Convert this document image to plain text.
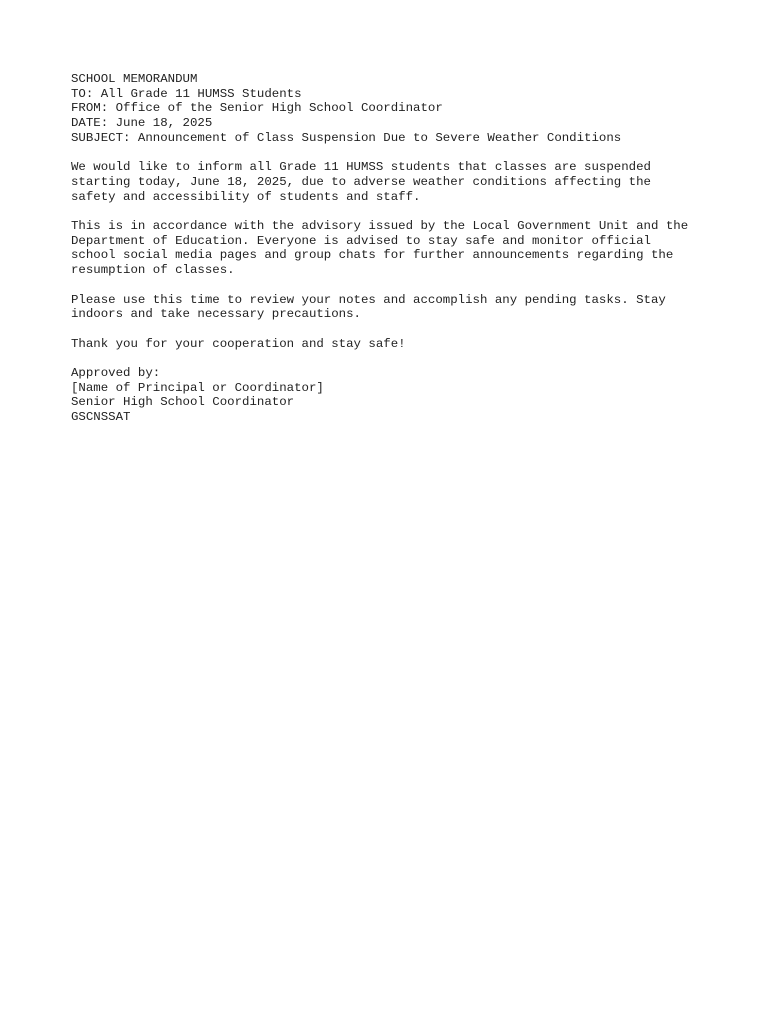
SCHOOL MEMORANDUM
TO: All Grade 11 HUMSS Students
FROM: Office of the Senior High School Coordinator
DATE: June 18, 2025
SUBJECT: Announcement of Class Suspension Due to Severe Weather Conditions
We would like to inform all Grade 11 HUMSS students that classes are suspended
starting today, June 18, 2025, due to adverse weather conditions affecting the
safety and accessibility of students and staff.
This is in accordance with the advisory issued by the Local Government Unit and the
Department of Education. Everyone is advised to stay safe and monitor official
school social media pages and group chats for further announcements regarding the
resumption of classes.
Please use this time to review your notes and accomplish any pending tasks. Stay
indoors and take necessary precautions.
Thank you for your cooperation and stay safe!
Approved by:
[Name of Principal or Coordinator]
Senior High School Coordinator
GSCNSSAT
